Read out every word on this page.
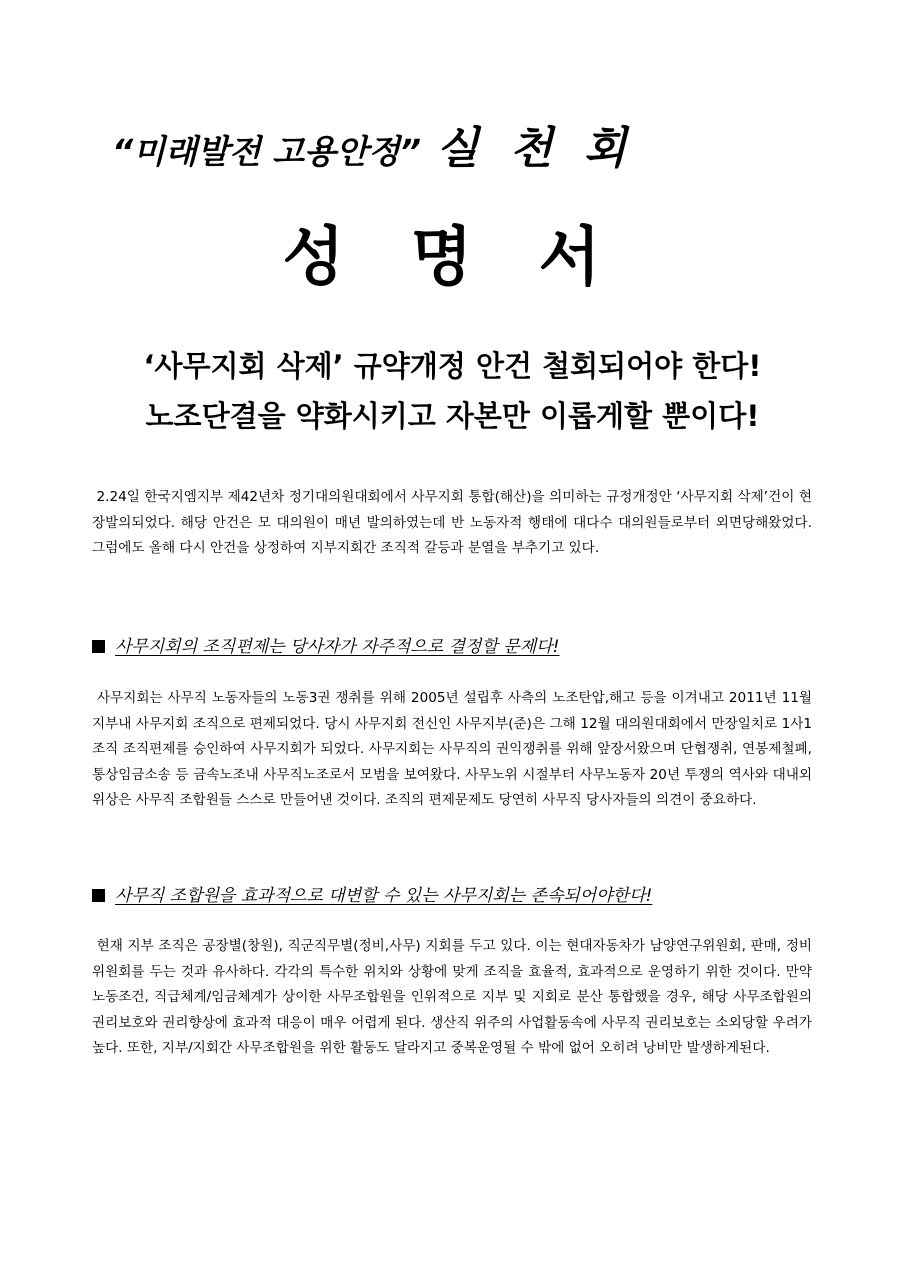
“미래발전 고용안정” 실 천 회
성 명 서
‘사무지회 삭제’ 규약개정 안건 철회되어야 한다!
노조단결을 약화시키고 자본만 이롭게할 뿐이다!
2.24일 한국지엠지부 제42년차 정기대의원대회에서 사무지회 통합(해산)을 의미하는 규정개정안 ‘사무지회 삭제’건이 현장발의되었다. 해당 안건은 모 대의원이 매년 발의하였는데 반 노동자적 행태에 대다수 대의원들로부터 외면당해왔었다. 그럼에도 올해 다시 안건을 상정하여 지부지회간 조직적 갈등과 분열을 부추기고 있다.
사무지회의 조직편제는 당사자가 자주적으로 결정할 문제다!
사무지회는 사무직 노동자들의 노동3권 쟁취를 위해 2005년 설립후 사측의 노조탄압,해고 등을 이겨내고 2011년 11월 지부내 사무지회 조직으로 편제되었다. 당시 사무지회 전신인 사무지부(준)은 그해 12월 대의원대회에서 만장일치로 1사1조직 조직편제를 승인하여 사무지회가 되었다. 사무지회는 사무직의 권익쟁취를 위해 앞장서왔으며 단협쟁취, 연봉제철폐, 통상임금소송 등 금속노조내 사무직노조로서 모범을 보여왔다. 사무노위 시절부터 사무노동자 20년 투쟁의 역사와 대내외 위상은 사무직 조합원들 스스로 만들어낸 것이다. 조직의 편제문제도 당연히 사무직 당사자들의 의견이 중요하다.
사무직 조합원을 효과적으로 대변할 수 있는 사무지회는 존속되어야한다!
현재 지부 조직은 공장별(창원), 직군직무별(정비,사무) 지회를 두고 있다. 이는 현대자동차가 남양연구위원회, 판매, 정비위원회를 두는 것과 유사하다. 각각의 특수한 위치와 상황에 맞게 조직을 효율적, 효과적으로 운영하기 위한 것이다. 만약 노동조건, 직급체계/임금체계가 상이한 사무조합원을 인위적으로 지부 및 지회로 분산 통합했을 경우, 해당 사무조합원의 권리보호와 권리향상에 효과적 대응이 매우 어렵게 된다. 생산직 위주의 사업활동속에 사무직 권리보호는 소외당할 우려가 높다. 또한, 지부/지회간 사무조합원을 위한 활동도 달라지고 중복운영될 수 밖에 없어 오히려 낭비만 발생하게된다.
